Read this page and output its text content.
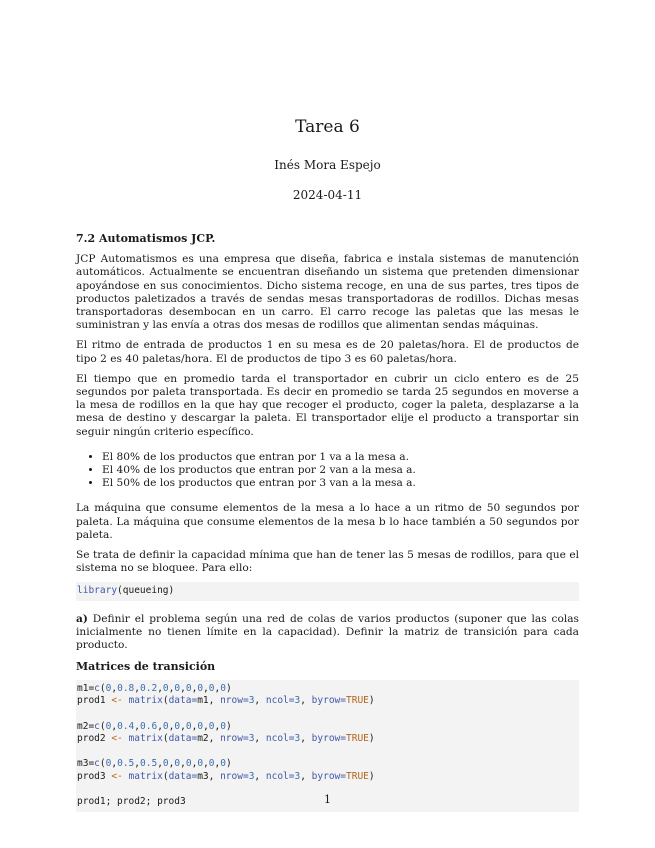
Tarea 6
Inés Mora Espejo
2024-04-11
7.2 Automatismos JCP.

JCP Automatismos es una empresa que diseña, fabrica e instala sistemas de manutención automáticos. Actualmente se encuentran diseñando un sistema que pretenden dimensionar apoyándose en sus conocimientos. Dicho sistema recoge, en una de sus partes, tres tipos de productos paletizados a través de sendas mesas transportadoras de rodillos. Dichas mesas transportadoras desembocan en un carro. El carro recoge las paletas que las mesas le suministran y las envía a otras dos mesas de rodillos que alimentan sendas máquinas.

El ritmo de entrada de productos 1 en su mesa es de 20 paletas/hora. El de productos de tipo 2 es 40 paletas/hora. El de productos de tipo 3 es 60 paletas/hora.

El tiempo que en promedio tarda el transportador en cubrir un ciclo entero es de 25 segundos por paleta transportada. Es decir en promedio se tarda 25 segundos en moverse a la mesa de rodillos en la que hay que recoger el producto, coger la paleta, desplazarse a la mesa de destino y descargar la paleta. El transportador elije el producto a transportar sin seguir ningún criterio específico.

• El 80% de los productos que entran por 1 va a la mesa a.
• El 40% de los productos que entran por 2 van a la mesa a.
• El 50% de los productos que entran por 3 van a la mesa a.

La máquina que consume elementos de la mesa a lo hace a un ritmo de 50 segundos por paleta. La máquina que consume elementos de la mesa b lo hace también a 50 segundos por paleta.

Se trata de definir la capacidad mínima que han de tener las 5 mesas de rodillos, para que el sistema no se bloquee. Para ello:

library(queueing)

a) Definir el problema según una red de colas de varios productos (suponer que las colas inicialmente no tienen límite en la capacidad). Definir la matriz de transición para cada producto.

Matrices de transición
m1=c(0,0.8,0.2,0,0,0,0,0,0)
prod1 <- matrix(data=m1, nrow=3, ncol=3, byrow=TRUE)

m2=c(0,0.4,0.6,0,0,0,0,0,0)
prod2 <- matrix(data=m2, nrow=3, ncol=3, byrow=TRUE)

m3=c(0,0.5,0.5,0,0,0,0,0,0)
prod3 <- matrix(data=m3, nrow=3, ncol=3, byrow=TRUE)

prod1; prod2; prod3	1
